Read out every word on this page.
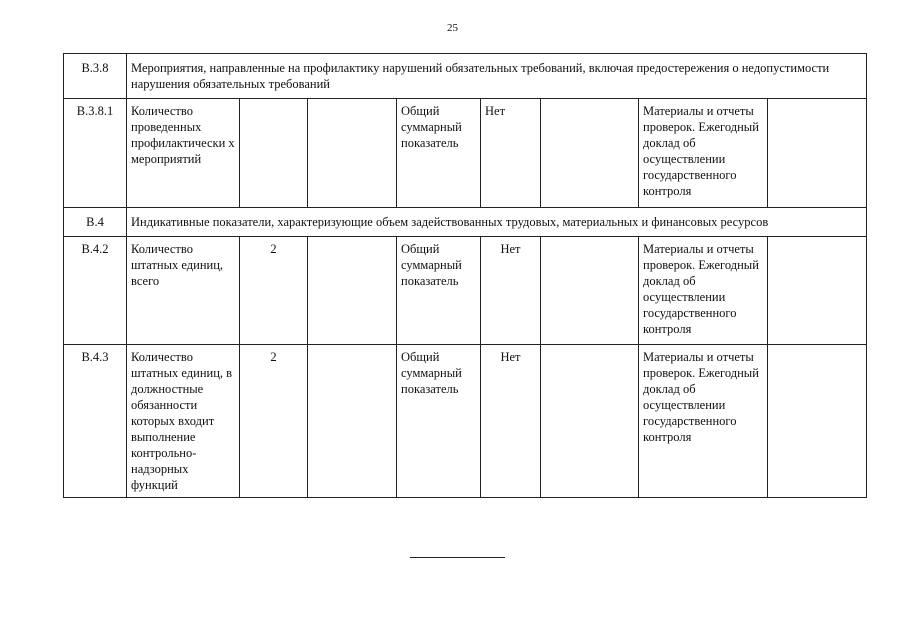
25
В.3.8	Мероприятия, направленные на профилактику нарушений обязательных требований, включая предостережения о недопустимости нарушения обязательных требований							
В.3.8.1	Количество проведенных профилактически х мероприятий			Общий суммарный показатель	Нет		Материалы и отчеты проверок. Ежегодный доклад об осуществлении государственного контроля	
В.4	Индикативные показатели, характеризующие объем задействованных трудовых, материальных и финансовых ресурсов							
В.4.2	Количество штатных единиц, всего	2		Общий суммарный показатель	Нет		Материалы и отчеты проверок. Ежегодный доклад об осуществлении государственного контроля	
В.4.3	Количество штатных единиц, в должностные обязанности которых входит выполнение контрольно-надзорных функций	2		Общий суммарный показатель	Нет		Материалы и отчеты проверок. Ежегодный доклад об осуществлении государственного контроля	
